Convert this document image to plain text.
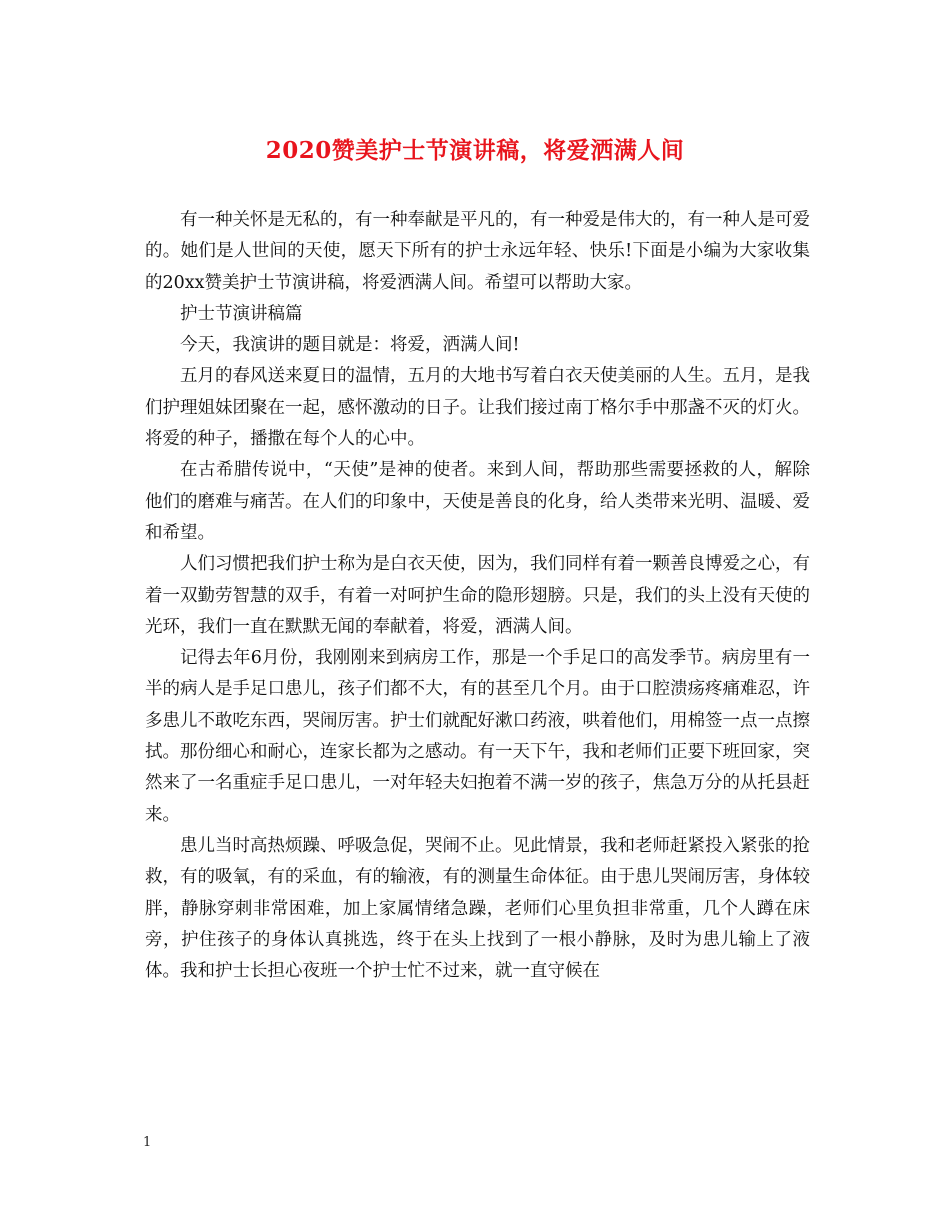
2020赞美护士节演讲稿，将爱洒满人间

有一种关怀是无私的，有一种奉献是平凡的，有一种爱是伟大的，有一种人是可爱的。她们是人世间的天使，愿天下所有的护士永远年轻、快乐!下面是小编为大家收集的20xx赞美护士节演讲稿，将爱洒满人间。希望可以帮助大家。

护士节演讲稿篇

今天，我演讲的题目就是：将爱，洒满人间!

五月的春风送来夏日的温情，五月的大地书写着白衣天使美丽的人生。五月，是我们护理姐妹团聚在一起，感怀激动的日子。让我们接过南丁格尔手中那盏不灭的灯火。将爱的种子，播撒在每个人的心中。

在古希腊传说中，“天使”是神的使者。来到人间，帮助那些需要拯救的人，解除他们的磨难与痛苦。在人们的印象中，天使是善良的化身，给人类带来光明、温暖、爱和希望。

人们习惯把我们护士称为是白衣天使，因为，我们同样有着一颗善良博爱之心，有着一双勤劳智慧的双手，有着一对呵护生命的隐形翅膀。只是，我们的头上没有天使的光环，我们一直在默默无闻的奉献着，将爱，洒满人间。

记得去年6月份，我刚刚来到病房工作，那是一个手足口的高发季节。病房里有一半的病人是手足口患儿，孩子们都不大，有的甚至几个月。由于口腔溃疡疼痛难忍，许多患儿不敢吃东西，哭闹厉害。护士们就配好漱口药液，哄着他们，用棉签一点一点擦拭。那份细心和耐心，连家长都为之感动。有一天下午，我和老师们正要下班回家，突然来了一名重症手足口患儿，一对年轻夫妇抱着不满一岁的孩子，焦急万分的从托县赶来。

患儿当时高热烦躁、呼吸急促，哭闹不止。见此情景，我和老师赶紧投入紧张的抢救，有的吸氧，有的采血，有的输液，有的测量生命体征。由于患儿哭闹厉害，身体较胖，静脉穿刺非常困难，加上家属情绪急躁，老师们心里负担非常重，几个人蹲在床旁，护住孩子的身体认真挑选，终于在头上找到了一根小静脉，及时为患儿输上了液体。我和护士长担心夜班一个护士忙不过来，就一直守候在

1
